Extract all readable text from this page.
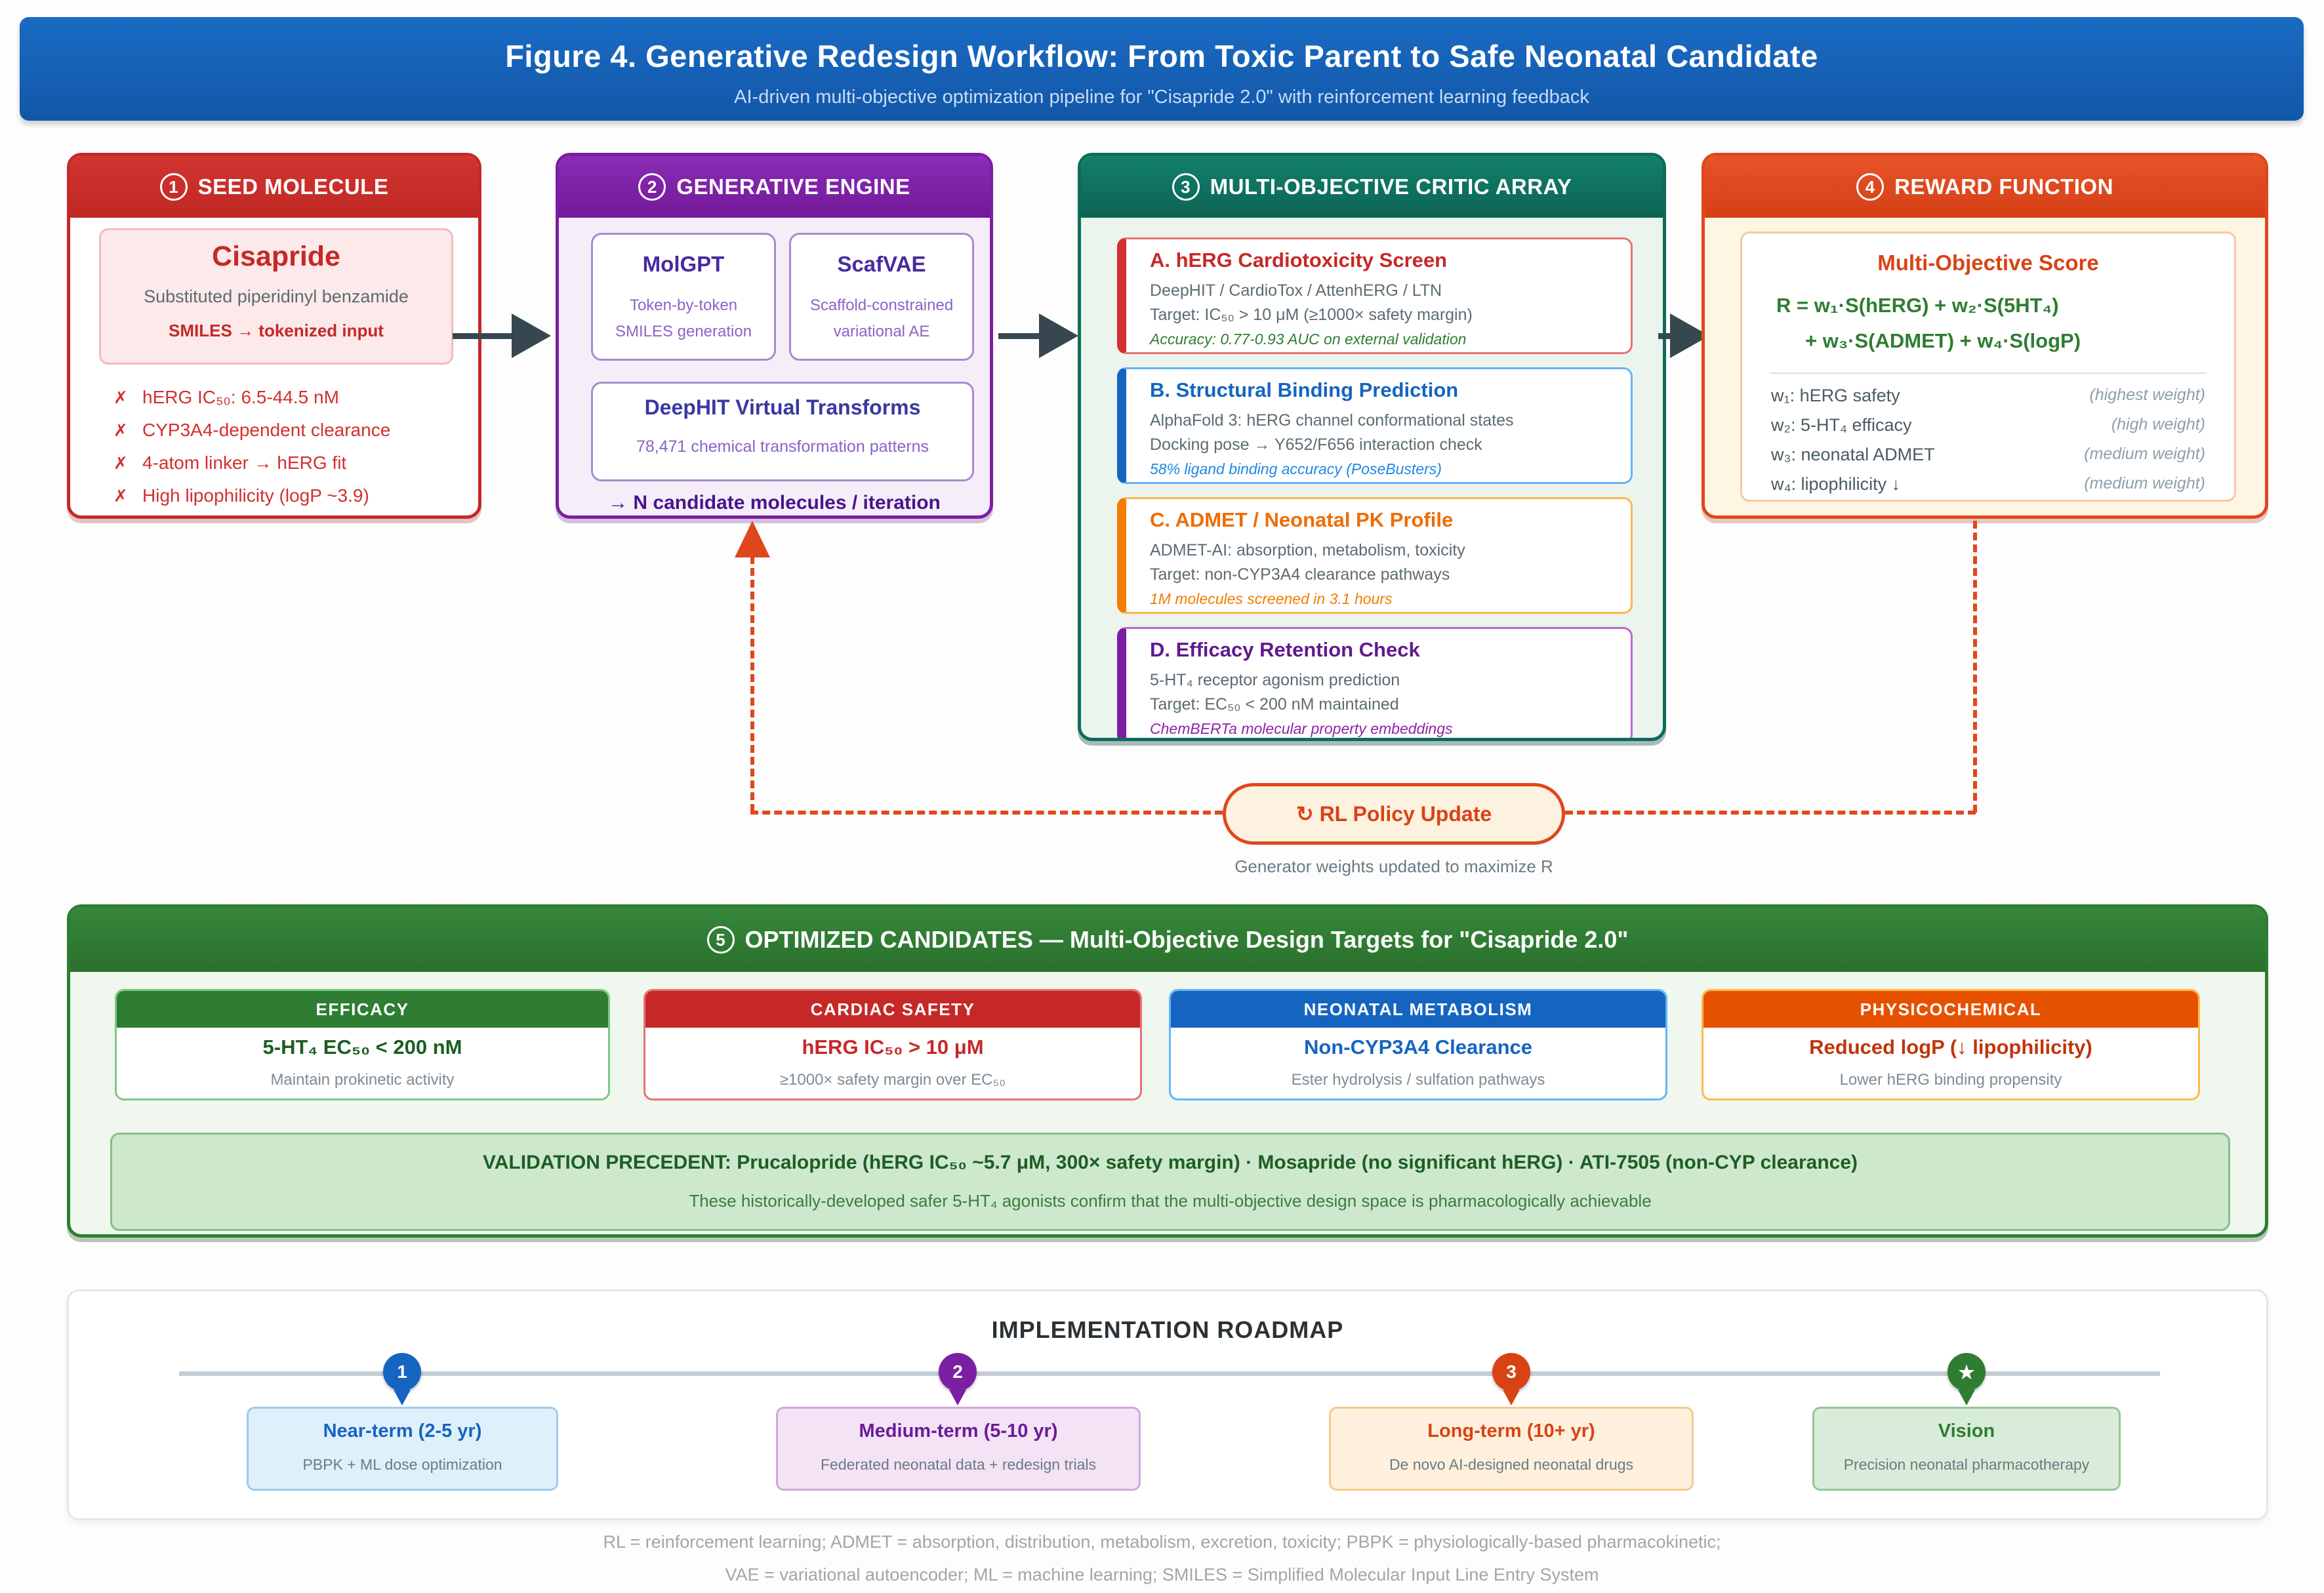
Figure 4. Generative Redesign Workflow: From Toxic Parent to Safe Neonatal Candidate
AI-driven multi-objective optimization pipeline for "Cisapride 2.0" with reinforcement learning feedback
1 SEED MOLECULE
Cisapride
Substituted piperidinyl benzamide
SMILES → tokenized input
✗ hERG IC₅₀: 6.5-44.5 nM
✗ CYP3A4-dependent clearance
✗ 4-atom linker → hERG fit
✗ High lipophilicity (logP ~3.9)
2 GENERATIVE ENGINE
MolGPT
Token-by-token
SMILES generation
ScafVAE
Scaffold-constrained
variational AE
DeepHIT Virtual Transforms
78,471 chemical transformation patterns
→ N candidate molecules / iteration
3 MULTI-OBJECTIVE CRITIC ARRAY
A. hERG Cardiotoxicity Screen
DeepHIT / CardioTox / AttenhERG / LTN
Target: IC₅₀ > 10 μM (≥1000× safety margin)
Accuracy: 0.77-0.93 AUC on external validation
B. Structural Binding Prediction
AlphaFold 3: hERG channel conformational states
Docking pose → Y652/F656 interaction check
58% ligand binding accuracy (PoseBusters)
C. ADMET / Neonatal PK Profile
ADMET-AI: absorption, metabolism, toxicity
Target: non-CYP3A4 clearance pathways
1M molecules screened in 3.1 hours
D. Efficacy Retention Check
5-HT₄ receptor agonism prediction
Target: EC₅₀ < 200 nM maintained
ChemBERTa molecular property embeddings
4 REWARD FUNCTION
Multi-Objective Score
R = w₁·S(hERG) + w₂·S(5HT₄)
+ w₃·S(ADMET) + w₄·S(logP)
w₁: hERG safety	(highest weight)
w₂: 5-HT₄ efficacy	(high weight)
w₃: neonatal ADMET	(medium weight)
w₄: lipophilicity ↓	(medium weight)
↻ RL Policy Update
Generator weights updated to maximize R
5 OPTIMIZED CANDIDATES — Multi-Objective Design Targets for "Cisapride 2.0"
EFFICACY
5-HT₄ EC₅₀ < 200 nM
Maintain prokinetic activity
CARDIAC SAFETY
hERG IC₅₀ > 10 μM
≥1000× safety margin over EC₅₀
NEONATAL METABOLISM
Non-CYP3A4 Clearance
Ester hydrolysis / sulfation pathways
PHYSICOCHEMICAL
Reduced logP (↓ lipophilicity)
Lower hERG binding propensity
VALIDATION PRECEDENT: Prucalopride (hERG IC₅₀ ~5.7 μM, 300× safety margin) · Mosapride (no significant hERG) · ATI-7505 (non-CYP clearance)
These historically-developed safer 5-HT₄ agonists confirm that the multi-objective design space is pharmacologically achievable
IMPLEMENTATION ROADMAP
1
Near-term (2-5 yr)
PBPK + ML dose optimization
2
Medium-term (5-10 yr)
Federated neonatal data + redesign trials
3
Long-term (10+ yr)
De novo AI-designed neonatal drugs
★
Vision
Precision neonatal pharmacotherapy
RL = reinforcement learning; ADMET = absorption, distribution, metabolism, excretion, toxicity; PBPK = physiologically-based pharmacokinetic;
VAE = variational autoencoder; ML = machine learning; SMILES = Simplified Molecular Input Line Entry System
